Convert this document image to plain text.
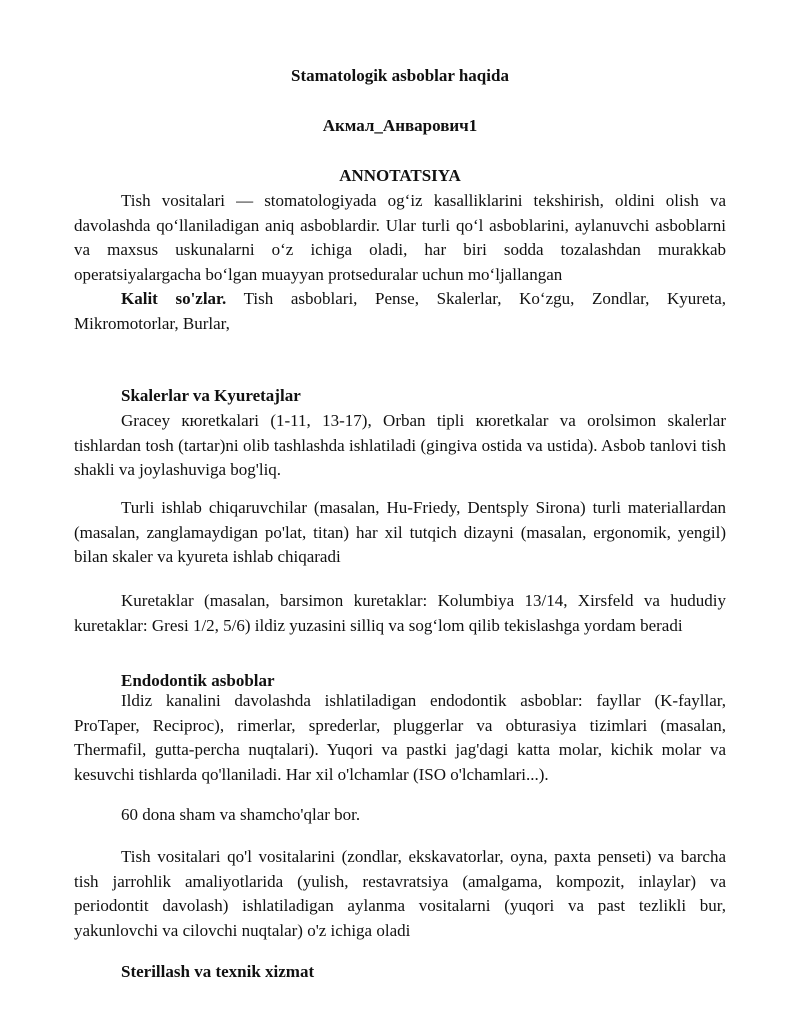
Stamatologik asboblar haqida
Акмал_Анварович1
ANNOTATSIYA
Tish vositalari — stomatologiyada og‘iz kasalliklarini tekshirish, oldini olish va davolashda qo‘llaniladigan aniq asboblardir. Ular turli qo‘l asboblarini, aylanuvchi asboblarni va maxsus uskunalarni o‘z ichiga oladi, har biri sodda tozalashdan murakkab operatsiyalargacha bo‘lgan muayyan protseduralar uchun mo‘ljallangan
Kalit so'zlar. Tish asboblari, Pense, Skalerlar, Ko‘zgu, Zondlar, Kyureta, Mikromotorlar, Burlar,
Skalerlar va Kyuretajlar
Gracey кюretkalari (1-11, 13-17), Orban tipli кюretkalar va orolsimon skalerlar tishlardan tosh (tartar)ni olib tashlashda ishlatiladi (gingiva ostida va ustida). Asbob tanlovi tish shakli va joylashuviga bog'liq.
Turli ishlab chiqaruvchilar (masalan, Hu-Friedy, Dentsply Sirona) turli materiallardan (masalan, zanglamaydigan po'lat, titan) har xil tutqich dizayni (masalan, ergonomik, yengil) bilan skaler va kyureta ishlab chiqaradi
Kuretaklar (masalan, barsimon kuretaklar: Kolumbiya 13/14, Xirsfeld va hududiy kuretaklar: Gresi 1/2, 5/6) ildiz yuzasini silliq va sog‘lom qilib tekislashga yordam beradi
Endodontik asboblar
Ildiz kanalini davolashda ishlatiladigan endodontik asboblar: fayllar (K-fayllar, ProTaper, Reciproc), rimerlar, sprederlar, pluggerlar va obturasiya tizimlari (masalan, Thermafil, gutta-percha nuqtalari). Yuqori va pastki jag'dagi katta molar, kichik molar va kesuvchi tishlarda qo'llaniladi. Har xil o'lchamlar (ISO o'lchamlari...).
60 dona sham va shamcho'qlar bor.
Tish vositalari qo'l vositalarini (zondlar, ekskavatorlar, oyna, paxta penseti) va barcha tish jarrohlik amaliyotlarida (yulish, restavratsiya (amalgama, kompozit, inlaylar) va periodontit davolash) ishlatiladigan aylanma vositalarni (yuqori va past tezlikli bur, yakunlovchi va cilovchi nuqtalar) o'z ichiga oladi
Sterillash va texnik xizmat
